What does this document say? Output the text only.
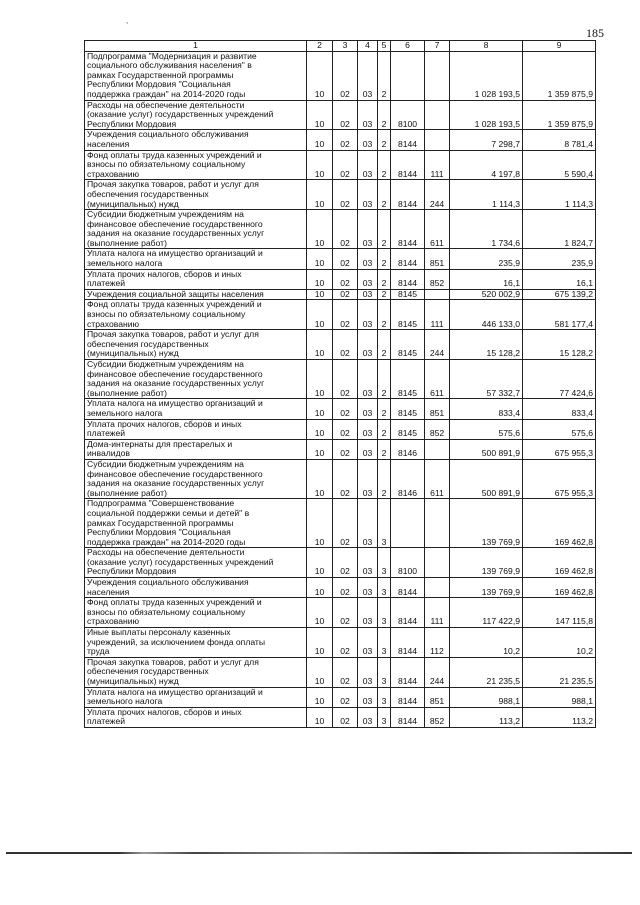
,
185
1	2	3	4	5	6	7	8	9
Подпрограмма "Модернизация и развитие
социального обслуживания населения" в
рамках Государственной программы
Республики Мордовия "Социальная
поддержка граждан" на 2014-2020 годы	10	02	03	2			1 028 193,5	1 359 875,9
Расходы на обеспечение деятельности
(оказание услуг) государственных учреждений
Республики Мордовия	10	02	03	2	8100		1 028 193,5	1 359 875,9
Учреждения социального обслуживания
населения	10	02	03	2	8144		7 298,7	8 781,4
Фонд оплаты труда казенных учреждений и
взносы по обязательному социальному
страхованию	10	02	03	2	8144	111	4 197,8	5 590,4
Прочая закупка товаров, работ и услуг для
обеспечения государственных
(муниципальных) нужд	10	02	03	2	8144	244	1 114,3	1 114,3
Субсидии бюджетным учреждениям на
финансовое обеспечение государственного
задания на оказание государственных услуг
(выполнение работ)	10	02	03	2	8144	611	1 734,6	1 824,7
Уплата налога на имущество организаций и
земельного налога	10	02	03	2	8144	851	235,9	235,9
Уплата прочих налогов, сборов и иных
платежей	10	02	03	2	8144	852	16,1	16,1
Учреждения социальной защиты населения	10	02	03	2	8145		520 002,9	675 139,2
Фонд оплаты труда казенных учреждений и
взносы по обязательному социальному
страхованию	10	02	03	2	8145	111	446 133,0	581 177,4
Прочая закупка товаров, работ и услуг для
обеспечения государственных
(муниципальных) нужд	10	02	03	2	8145	244	15 128,2	15 128,2
Субсидии бюджетным учреждениям на
финансовое обеспечение государственного
задания на оказание государственных услуг
(выполнение работ)	10	02	03	2	8145	611	57 332,7	77 424,6
Уплата налога на имущество организаций и
земельного налога	10	02	03	2	8145	851	833,4	833,4
Уплата прочих налогов, сборов и иных
платежей	10	02	03	2	8145	852	575,6	575,6
Дома-интернаты для престарелых и
инвалидов	10	02	03	2	8146		500 891,9	675 955,3
Субсидии бюджетным учреждениям на
финансовое обеспечение государственного
задания на оказание государственных услуг
(выполнение работ)	10	02	03	2	8146	611	500 891,9	675 955,3
Подпрограмма "Совершенствование
социальной поддержки семьи и детей" в
рамках Государственной программы
Республики Мордовия "Социальная
поддержка граждан" на 2014-2020 годы	10	02	03	3			139 769,9	169 462,8
Расходы на обеспечение деятельности
(оказание услуг) государственных учреждений
Республики Мордовия	10	02	03	3	8100		139 769,9	169 462,8
Учреждения социального обслуживания
населения	10	02	03	3	8144		139 769,9	169 462,8
Фонд оплаты труда казенных учреждений и
взносы по обязательному социальному
страхованию	10	02	03	3	8144	111	117 422,9	147 115,8
Иные выплаты персоналу казенных
учреждений, за исключением фонда оплаты
труда	10	02	03	3	8144	112	10,2	10,2
Прочая закупка товаров, работ и услуг для
обеспечения государственных
(муниципальных) нужд	10	02	03	3	8144	244	21 235,5	21 235,5
Уплата налога на имущество организаций и
земельного налога	10	02	03	3	8144	851	988,1	988,1
Уплата прочих налогов, сборов и иных
платежей	10	02	03	3	8144	852	113,2	113,2
